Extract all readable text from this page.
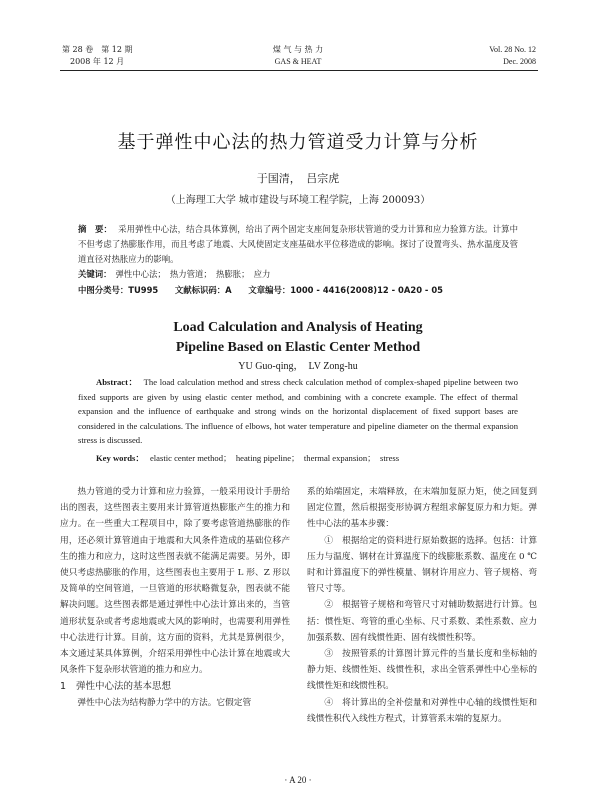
第 28 卷　第 12 期
2008 年 12 月
煤 气 与 热 力
GAS & HEAT
Vol. 28 No. 12
Dec. 2008
基于弹性中心法的热力管道受力计算与分析
于国清，　吕宗虎
（上海理工大学 城市建设与环境工程学院，上海 200093）
摘　要： 采用弹性中心法，结合具体算例，给出了两个固定支座间复杂形状管道的受力计算和应力验算方法。计算中不但考虑了热膨胀作用，而且考虑了地震、大风使固定支座基础水平位移造成的影响。探讨了设置弯头、热水温度及管道直径对热胀应力的影响。
关键词： 弹性中心法；　热力管道；　热膨胀；　应力
中图分类号：TU995 文献标识码：A 文章编号：1000 - 4416(2008)12 - 0A20 - 05
Load Calculation and Analysis of Heating Pipeline Based on Elastic Center Method
YU Guo-qing，　LV Zong-hu
Abstract： The load calculation method and stress check calculation method of complex-shaped pipeline between two fixed supports are given by using elastic center method, and combining with a concrete example. The effect of thermal expansion and the influence of earthquake and strong winds on the horizontal displacement of fixed support bases are considered in the calculations. The influence of elbows, hot water temperature and pipeline diameter on the thermal expansion stress is discussed.
Key words： elastic center method；　heating pipeline；　thermal expansion；　stress

热力管道的受力计算和应力验算，一般采用设计手册给出的图表，这些图表主要用来计算管道热膨胀产生的推力和应力。在一些重大工程项目中，除了要考虑管道热膨胀的作用，还必须计算管道由于地震和大风条件造成的基础位移产生的推力和应力，这时这些图表就不能满足需要。另外，即使只考虑热膨胀的作用，这些图表也主要用于 L 形、Z 形以及简单的空间管道，一旦管道的形状略微复杂，图表就不能解决问题。这些图表都是通过弹性中心法计算出来的，当管道形状复杂或者考虑地震或大风的影响时，也需要利用弹性中心法进行计算。目前，这方面的资料，尤其是算例很少，本文通过某具体算例，介绍采用弹性中心法计算在地震或大风条件下复杂形状管道的推力和应力。

1 弹性中心法的基本思想

弹性中心法为结构静力学中的方法。它假定管

系的始端固定，末端释放，在末端加复原力矩，使之回复到固定位置，然后根据变形协调方程组求解复原力和力矩。弹性中心法的基本步骤：

①　根据给定的资料进行原始数据的选择。包括：计算压力与温度、钢材在计算温度下的线膨胀系数、温度在 0 ℃时和计算温度下的弹性模量、钢材许用应力、管子规格、弯管尺寸等。

②　根据管子规格和弯管尺寸对辅助数据进行计算。包括：惯性矩、弯管的重心坐标、尺寸系数、柔性系数、应力加强系数、固有线惯性距、固有线惯性积等。

③　按照管系的计算图计算元件的当量长度和坐标轴的静力矩、线惯性矩、线惯性积，求出全管系弹性中心坐标的线惯性矩和线惯性积。

④　将计算出的全补偿量和对弹性中心轴的线惯性矩和线惯性积代入线性方程式，计算管系末端的复原力。

· A 20 ·
